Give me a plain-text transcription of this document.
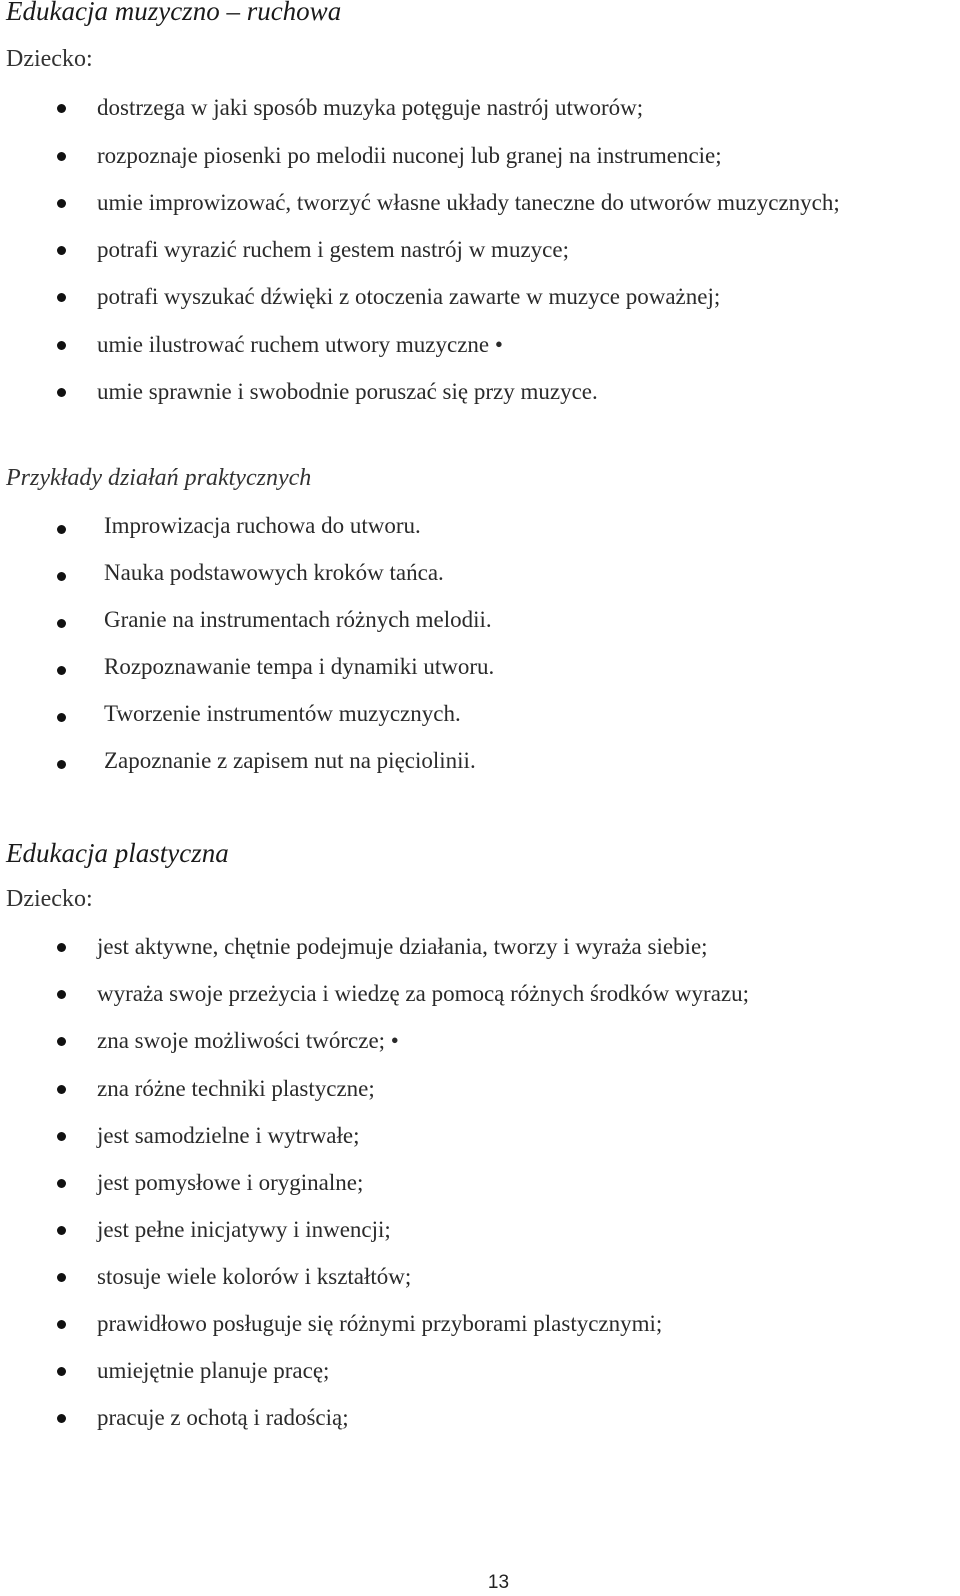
Edukacja muzyczno – ruchowa
Dziecko:
dostrzega w jaki sposób muzyka potęguje nastrój utworów;
rozpoznaje piosenki po melodii nuconej lub granej na instrumencie;
umie improwizować, tworzyć własne układy taneczne do utworów muzycznych;
potrafi wyrazić ruchem i gestem nastrój w muzyce;
potrafi wyszukać dźwięki z otoczenia zawarte w muzyce poważnej;
umie ilustrować ruchem utwory muzyczne •
umie sprawnie i swobodnie poruszać się przy muzyce.
Przykłady działań praktycznych
Improwizacja ruchowa do utworu.
Nauka podstawowych kroków tańca.
Granie na instrumentach różnych melodii.
Rozpoznawanie tempa i dynamiki utworu.
Tworzenie instrumentów muzycznych.
Zapoznanie z zapisem nut na pięciolinii.
Edukacja plastyczna
Dziecko:
jest aktywne, chętnie podejmuje działania, tworzy i wyraża siebie;
wyraża swoje przeżycia i wiedzę za pomocą różnych środków wyrazu;
zna swoje możliwości twórcze; •
zna różne techniki plastyczne;
jest samodzielne i wytrwałe;
jest pomysłowe i oryginalne;
jest pełne inicjatywy i inwencji;
stosuje wiele kolorów i kształtów;
prawidłowo posługuje się różnymi przyborami plastycznymi;
umiejętnie planuje pracę;
pracuje z ochotą i radością;
13
